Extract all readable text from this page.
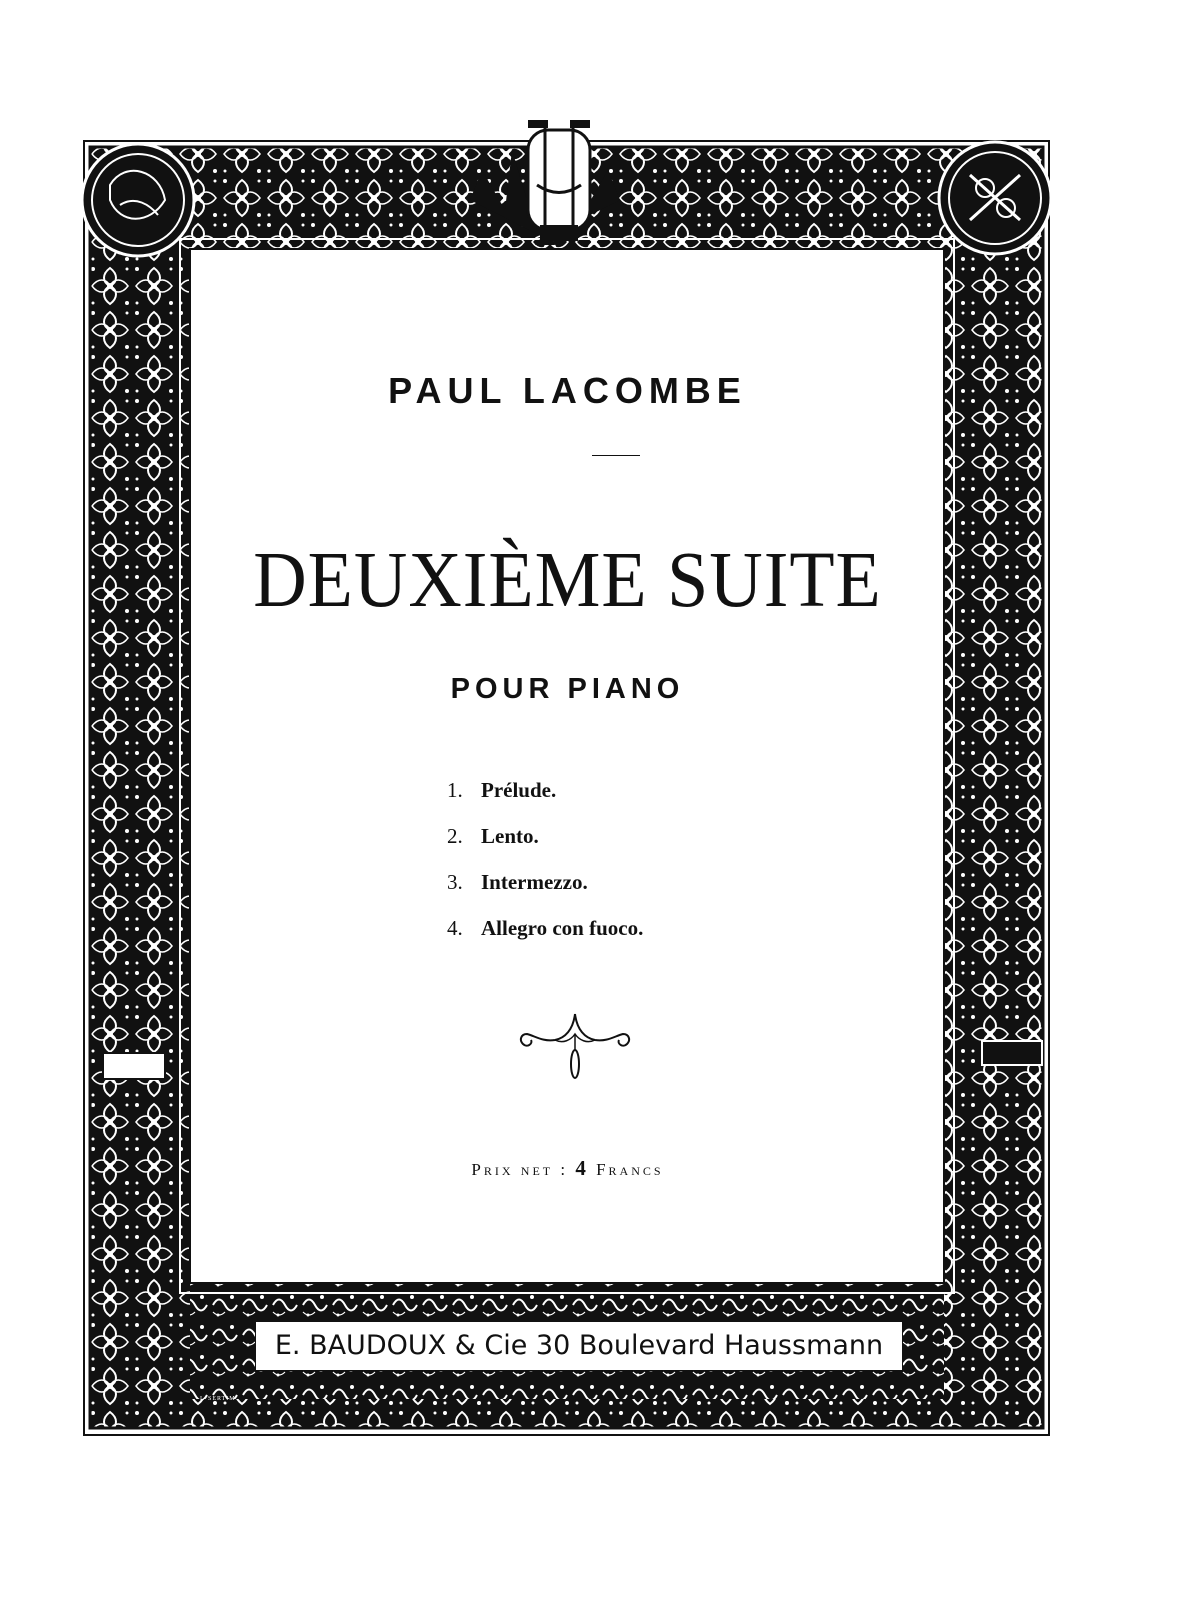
PAUL LACOMBE
DEUXIÈME SUITE
POUR PIANO
1. Prélude.
2. Lento.
3. Intermezzo.
4. Allegro con fuoco.
Prix net : 4 Francs
E. BAUDOUX & Cie 30 Boulevard Haussmann
I. SERTIM
